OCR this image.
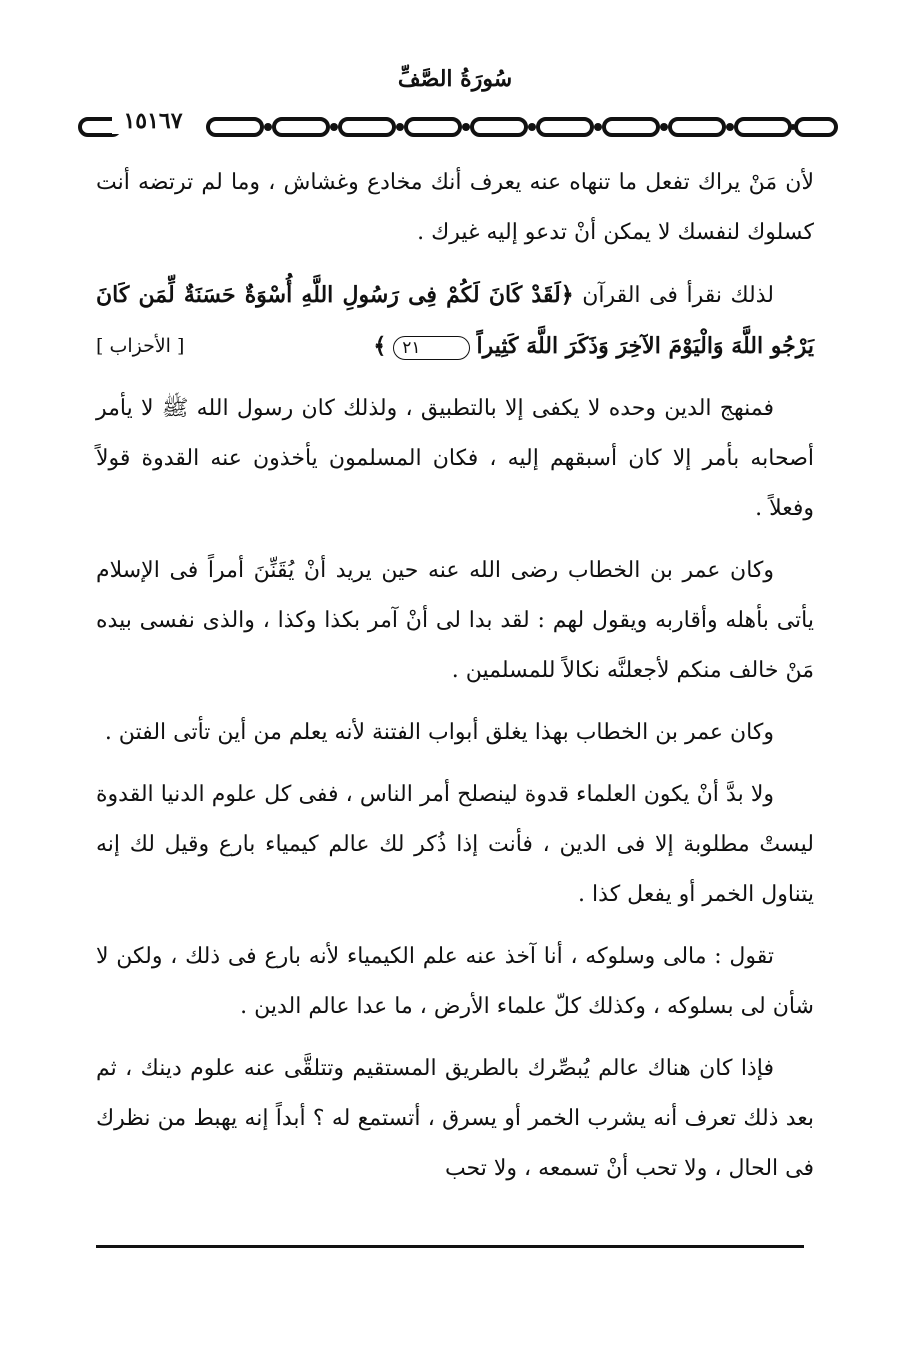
سُورَةُ الصَّفِّ
١٥١٦٧

لأن مَنْ يراك تفعل ما تنهاه عنه يعرف أنك مخادع وغشاش ، وما لم ترتضه أنت كسلوك لنفسك لا يمكن أنْ تدعو إليه غيرك .

لذلك نقرأ فى القرآن ﴿لَقَدْ كَانَ لَكُمْ فِى رَسُولِ اللَّهِ أُسْوَةٌ حَسَنَةٌ لِّمَن كَانَ يَرْجُو اللَّهَ وَالْيَوْمَ الآخِرَ وَذَكَرَ اللَّهَ كَثِيراً ٢١ ﴾
[ الأحزاب ]

فمنهج الدين وحده لا يكفى إلا بالتطبيق ، ولذلك كان رسول الله ﷺ لا يأمر أصحابه بأمر إلا كان أسبقهم إليه ، فكان المسلمون يأخذون عنه القدوة قولاً وفعلاً .

وكان عمر بن الخطاب رضى الله عنه حين يريد أنْ يُقَنِّنَ أمراً فى الإسلام يأتى بأهله وأقاربه ويقول لهم : لقد بدا لى أنْ آمر بكذا وكذا ، والذى نفسى بيده مَنْ خالف منكم لأجعلنَّه نكالاً للمسلمين .

وكان عمر بن الخطاب بهذا يغلق أبواب الفتنة لأنه يعلم من أين تأتى الفتن .

ولا بدَّ أنْ يكون العلماء قدوة لينصلح أمر الناس ، ففى كل علوم الدنيا القدوة ليستْ مطلوبة إلا فى الدين ، فأنت إذا ذُكر لك عالم كيمياء بارع وقيل لك إنه يتناول الخمر أو يفعل كذا .

تقول : مالى وسلوكه ، أنا آخذ عنه علم الكيمياء لأنه بارع فى ذلك ، ولكن لا شأن لى بسلوكه ، وكذلك كلّ علماء الأرض ، ما عدا عالم الدين .

فإذا كان هناك عالم يُبصِّرك بالطريق المستقيم وتتلقَّى عنه علوم دينك ، ثم بعد ذلك تعرف أنه يشرب الخمر أو يسرق ، أتستمع له ؟ أبداً إنه يهبط من نظرك فى الحال ، ولا تحب أنْ تسمعه ، ولا تحب
